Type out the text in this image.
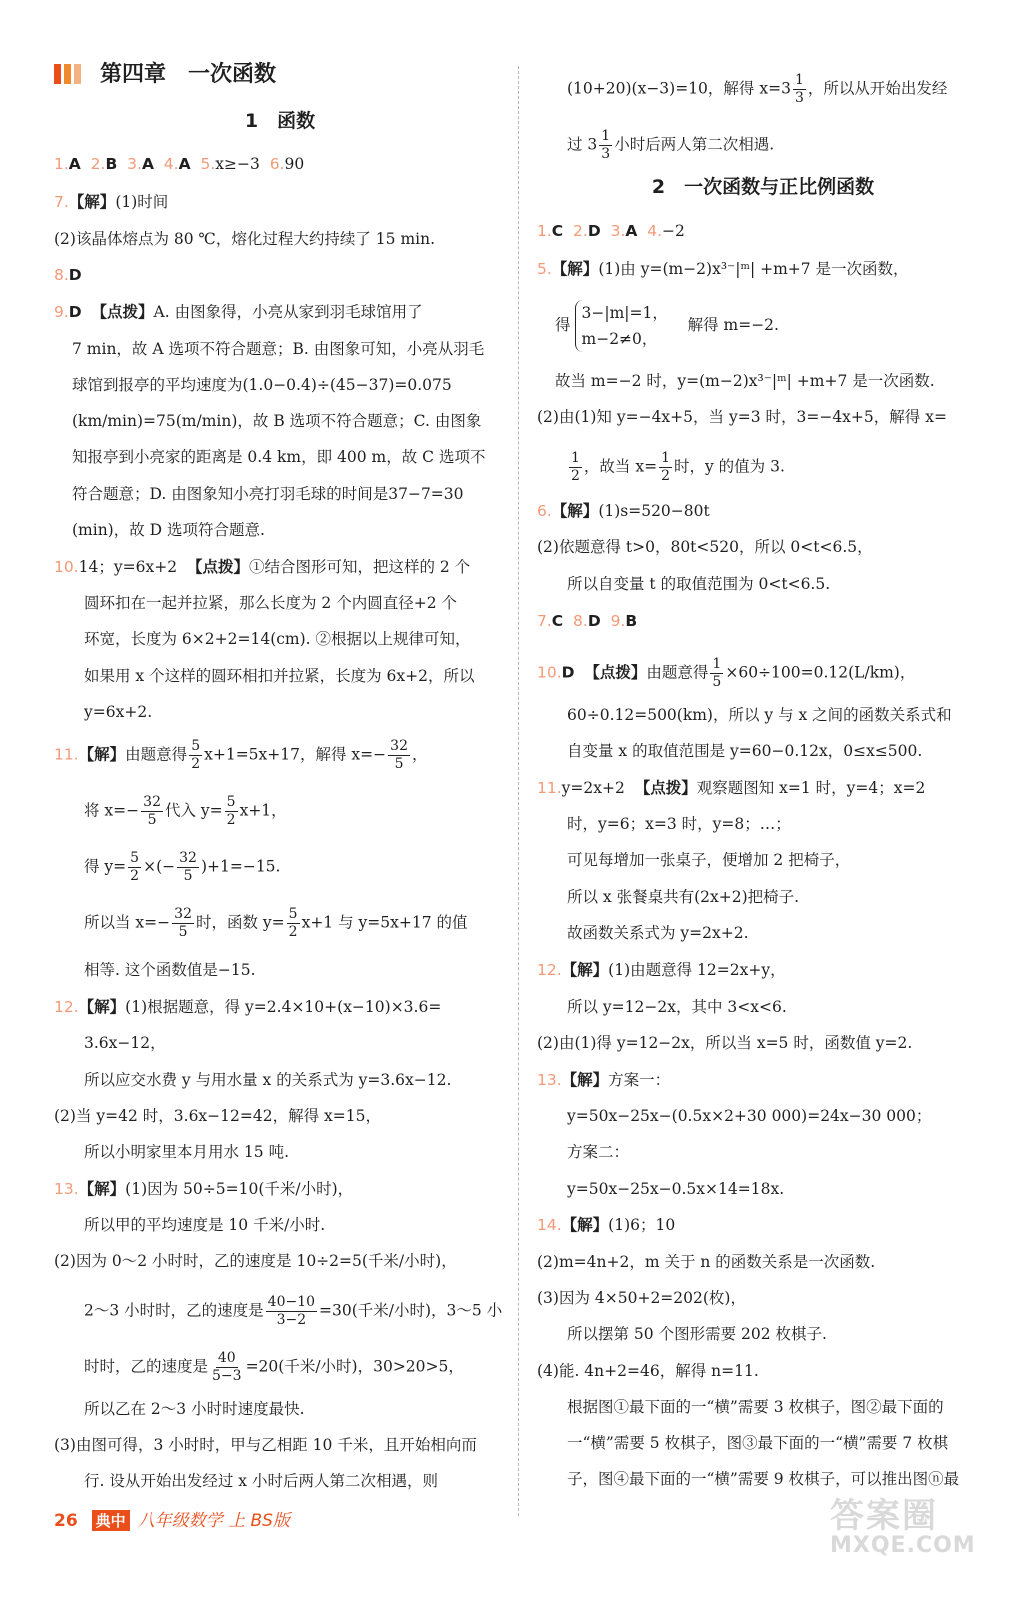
第四章　一次函数
1　函数
1.A 2.B 3.A 4.A 5.x≥−3 6.90
7.【解】(1)时间
(2)该晶体熔点为 80 ℃，熔化过程大约持续了 15 min.
8.D
9.D 【点拨】A. 由图象得，小亮从家到羽毛球馆用了
7 min，故 A 选项不符合题意；B. 由图象可知，小亮从羽毛
球馆到报亭的平均速度为(1.0−0.4)÷(45−37)=0.075
(km/min)=75(m/min)，故 B 选项不符合题意；C. 由图象
知报亭到小亮家的距离是 0.4 km，即 400 m，故 C 选项不
符合题意；D. 由图象知小亮打羽毛球的时间是37−7=30
(min)，故 D 选项符合题意.
10.14；y=6x+2 【点拨】①结合图形可知，把这样的 2 个
圆环扣在一起并拉紧，那么长度为 2 个内圆直径+2 个
环宽，长度为 6×2+2=14(cm). ②根据以上规律可知，
如果用 x 个这样的圆环相扣并拉紧，长度为 6x+2，所以
y=6x+2.
11.【解】由题意得 $\frac{5}{2} x+1=5x+17$，解得 $x=- \frac{32}{5}$ ，
将 $x=- \frac{32}{5}$ 代入 $y= \frac{5}{2} x+1$，
得 $y= \frac{5}{2}$ ×(− $\frac{32}{5} )+1=-15$.
所以当 $x=- \frac{32}{5}$ 时，函数 $y= \frac{5}{2} x+1$ 与 y=5x+17 的值
相等. 这个函数值是−15.
12.【解】(1)根据题意，得 y=2.4×10+(x−10)×3.6=
3.6x−12，
所以应交水费 y 与用水量 x 的关系式为 y=3.6x−12.
(2)当 y=42 时，3.6x−12=42，解得 x=15，
所以小明家里本月用水 15 吨.
13.【解】(1)因为 50÷5=10(千米/小时)，
所以甲的平均速度是 10 千米/小时.
(2)因为 0～2 小时时，乙的速度是 10÷2=5(千米/小时)，
2～3 小时时，乙的速度是 $\frac{40-10}{3-2} =30$(千米/小时)，3～5 小
时时，乙的速度是 $\frac{40}{5-3} =20$(千米/小时)，30>20>5，
所以乙在 2～3 小时时速度最快.
(3)由图可得，3 小时时，甲与乙相距 10 千米，且开始相向而
行. 设从开始出发经过 x 小时后两人第二次相遇，则
(10+20)(x−3)=10，解得 $x=3 \frac{1}{3}$ ，所以从开始出发经
过 $3 \frac{1}{3}$ 小时后两人第二次相遇.
2　一次函数与正比例函数
1.C 2.D 3.A 4.−2
5.【解】(1)由 y=(m−2)x³⁻|ᵐ| +m+7 是一次函数，
得
3−|m|=1，
m−2≠0，
解得 m=−2.
故当 m=−2 时，y=(m−2)x³⁻|ᵐ| +m+7 是一次函数.
(2)由(1)知 y=−4x+5，当 y=3 时，3=−4x+5，解得 x=
$\frac{1}{2}$ ，故当 $x= \frac{1}{2}$ 时，y 的值为 3.
6.【解】(1)s=520−80t
(2)依题意得 t>0，80t<520，所以 0<t<6.5，
所以自变量 t 的取值范围为 0<t<6.5.
7.C 8.D 9.B
10.D 【点拨】由题意得 $\frac{1}{5} \times 60\div 100=0.12(L/km)$，
60÷0.12=500(km)，所以 y 与 x 之间的函数关系式和
自变量 x 的取值范围是 y=60−0.12x，0≤x≤500.
11.y=2x+2 【点拨】观察题图知 x=1 时，y=4；x=2
时，y=6；x=3 时，y=8；…；
可见每增加一张桌子，便增加 2 把椅子，
所以 x 张餐桌共有(2x+2)把椅子.
故函数关系式为 y=2x+2.
12.【解】(1)由题意得 12=2x+y，
所以 y=12−2x，其中 3<x<6.
(2)由(1)得 y=12−2x，所以当 x=5 时，函数值 y=2.
13.【解】方案一：
y=50x−25x−(0.5x×2+30 000)=24x−30 000；
方案二：
y=50x−25x−0.5x×14=18x.
14.【解】(1)6；10
(2)m=4n+2，m 关于 n 的函数关系是一次函数.
(3)因为 4×50+2=202(枚)，
所以摆第 50 个图形需要 202 枚棋子.
(4)能. 4n+2=46，解得 n=11.
根据图①最下面的一“横”需要 3 枚棋子，图②最下面的
一“横”需要 5 枚棋子，图③最下面的一“横”需要 7 枚棋
子，图④最下面的一“横”需要 9 枚棋子，可以推出图ⓝ最
26 典中 八年级数学 上 BS版	答案圈
MXQE.COM
